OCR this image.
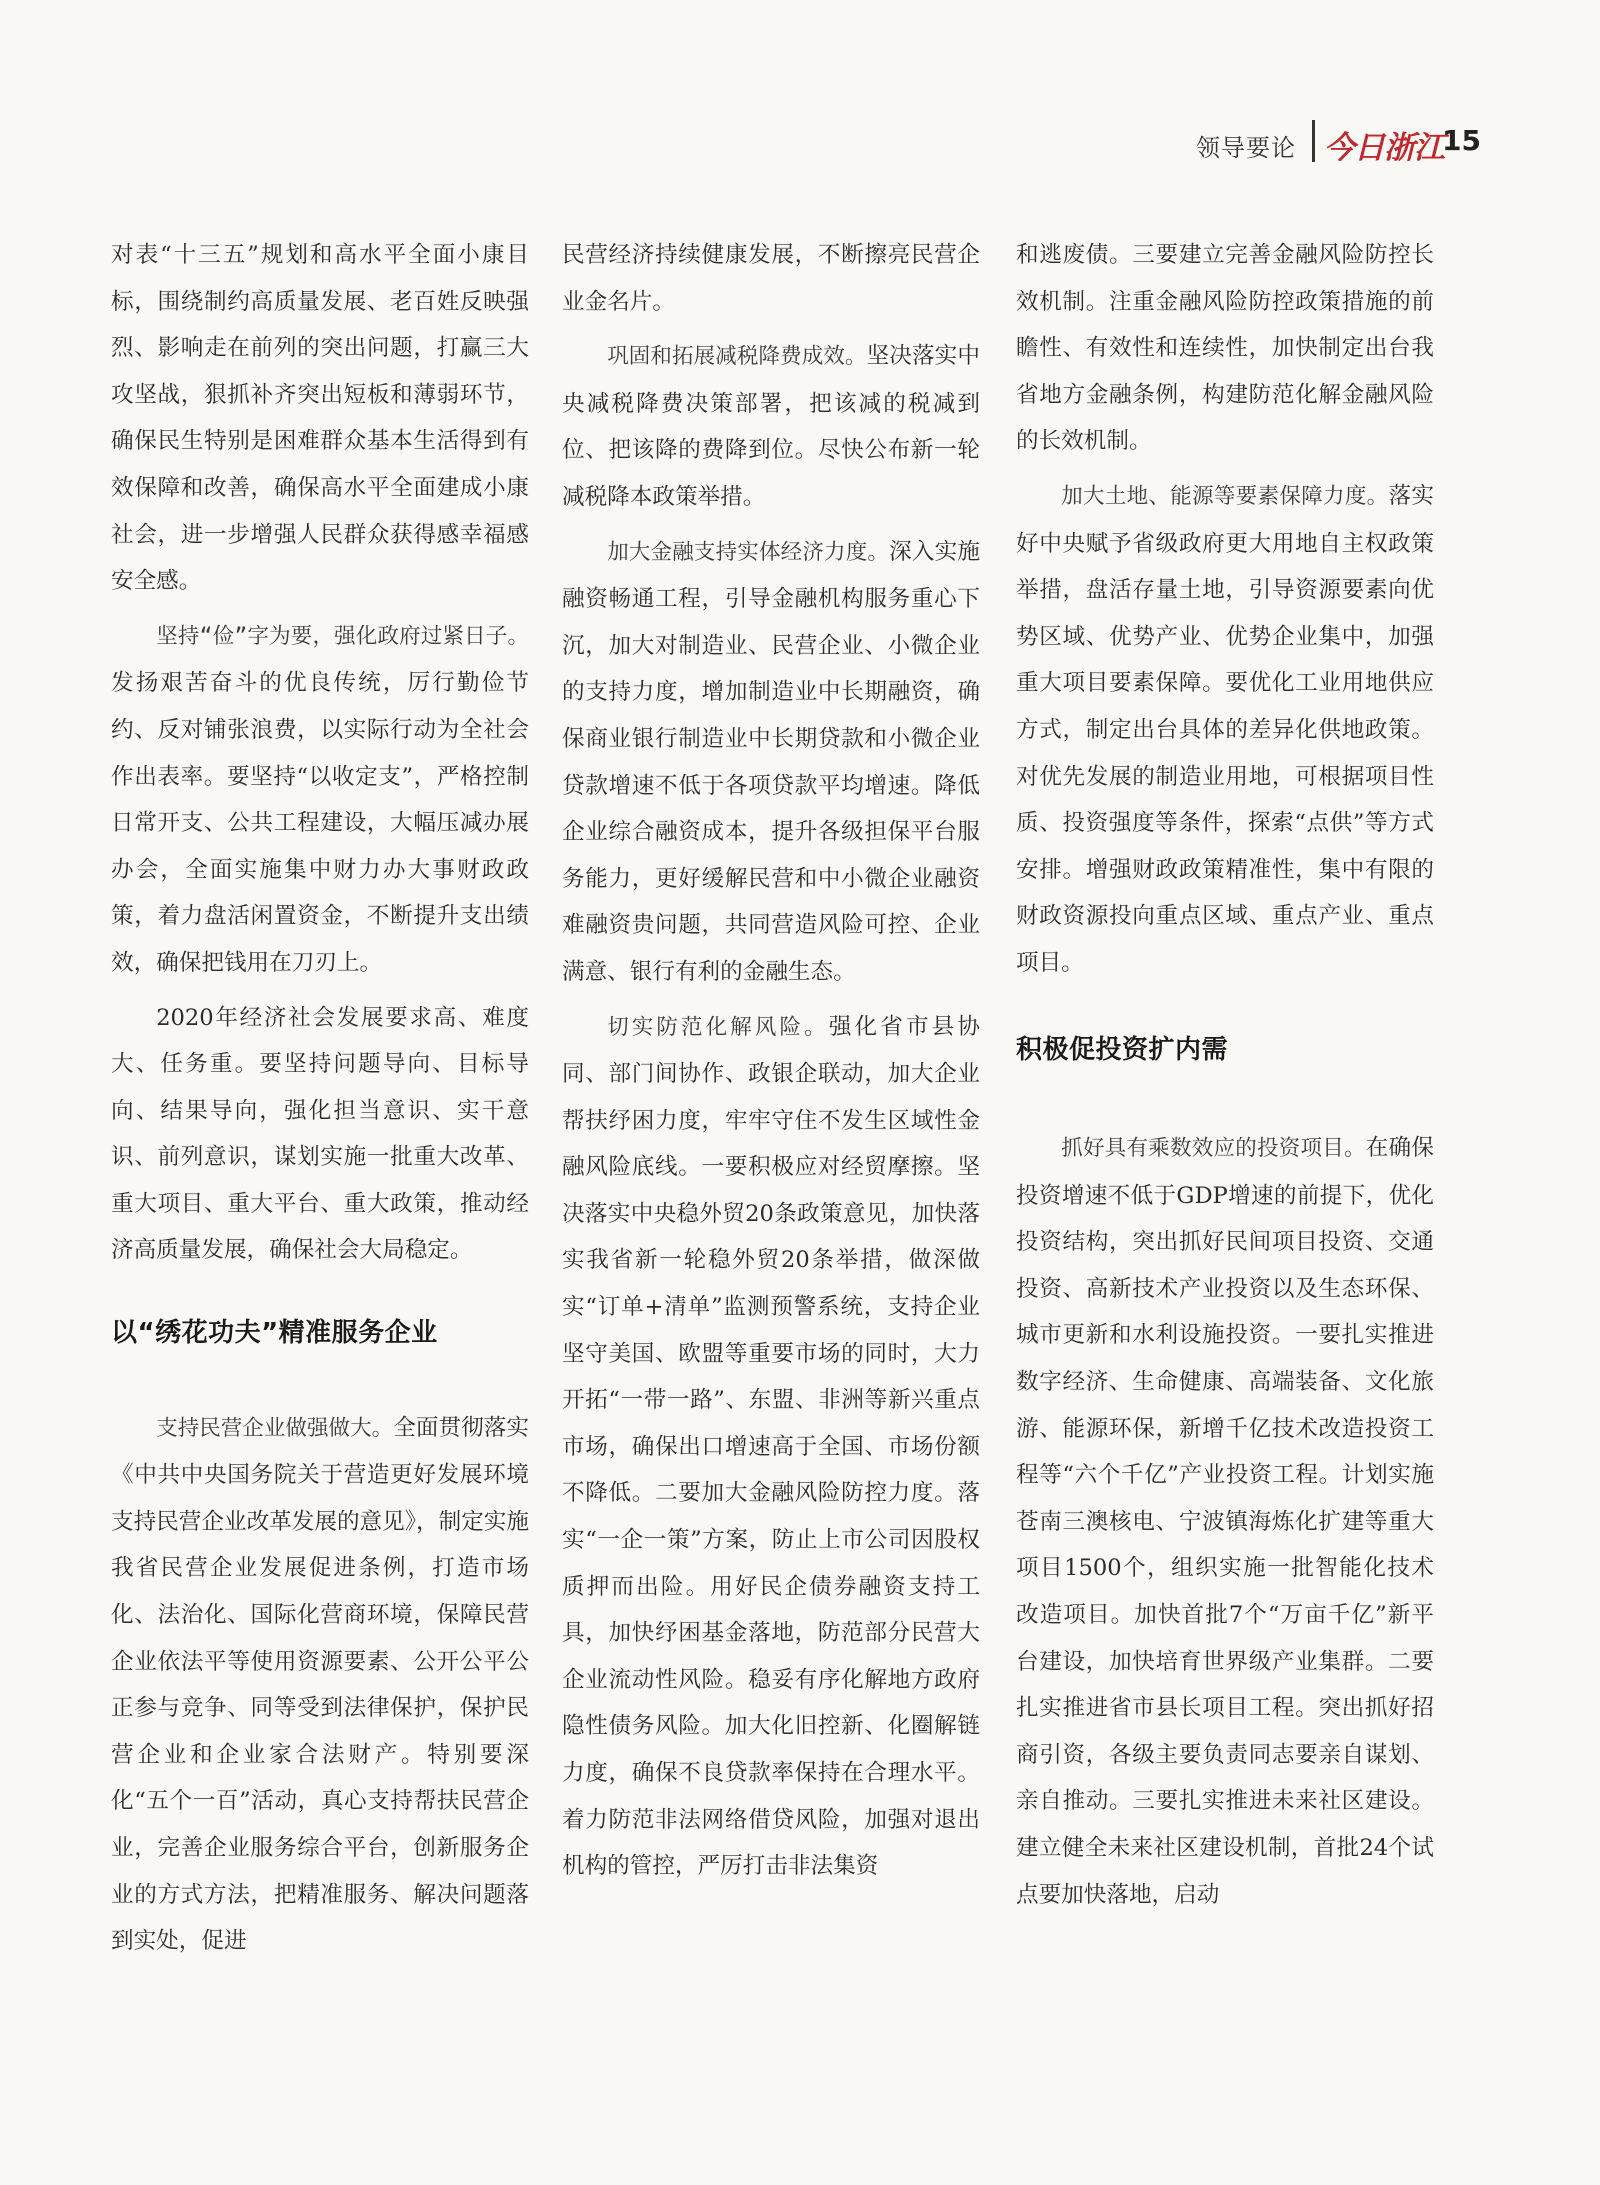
领导要论 今日浙江
15

对表“十三五”规划和高水平全面小康目标，围绕制约高质量发展、老百姓反映强烈、影响走在前列的突出问题，打赢三大攻坚战，狠抓补齐突出短板和薄弱环节，确保民生特别是困难群众基本生活得到有效保障和改善，确保高水平全面建成小康社会，进一步增强人民群众获得感幸福感安全感。

坚持“俭”字为要，强化政府过紧日子。发扬艰苦奋斗的优良传统，厉行勤俭节约、反对铺张浪费，以实际行动为全社会作出表率。要坚持“以收定支”，严格控制日常开支、公共工程建设，大幅压减办展办会，全面实施集中财力办大事财政政策，着力盘活闲置资金，不断提升支出绩效，确保把钱用在刀刃上。

2020年经济社会发展要求高、难度大、任务重。要坚持问题导向、目标导向、结果导向，强化担当意识、实干意识、前列意识，谋划实施一批重大改革、重大项目、重大平台、重大政策，推动经济高质量发展，确保社会大局稳定。

以“绣花功夫”精准服务企业

支持民营企业做强做大。全面贯彻落实《中共中央国务院关于营造更好发展环境支持民营企业改革发展的意见》，制定实施我省民营企业发展促进条例，打造市场化、法治化、国际化营商环境，保障民营企业依法平等使用资源要素、公开公平公正参与竞争、同等受到法律保护，保护民营企业和企业家合法财产。特别要深化“五个一百”活动，真心支持帮扶民营企业，完善企业服务综合平台，创新服务企业的方式方法，把精准服务、解决问题落到实处，促进

民营经济持续健康发展，不断擦亮民营企业金名片。

巩固和拓展减税降费成效。坚决落实中央减税降费决策部署，把该减的税减到位、把该降的费降到位。尽快公布新一轮减税降本政策举措。

加大金融支持实体经济力度。深入实施融资畅通工程，引导金融机构服务重心下沉，加大对制造业、民营企业、小微企业的支持力度，增加制造业中长期融资，确保商业银行制造业中长期贷款和小微企业贷款增速不低于各项贷款平均增速。降低企业综合融资成本，提升各级担保平台服务能力，更好缓解民营和中小微企业融资难融资贵问题，共同营造风险可控、企业满意、银行有利的金融生态。

切实防范化解风险。强化省市县协同、部门间协作、政银企联动，加大企业帮扶纾困力度，牢牢守住不发生区域性金融风险底线。一要积极应对经贸摩擦。坚决落实中央稳外贸20条政策意见，加快落实我省新一轮稳外贸20条举措，做深做实“订单+清单”监测预警系统，支持企业坚守美国、欧盟等重要市场的同时，大力开拓“一带一路”、东盟、非洲等新兴重点市场，确保出口增速高于全国、市场份额不降低。二要加大金融风险防控力度。落实“一企一策”方案，防止上市公司因股权质押而出险。用好民企债券融资支持工具，加快纾困基金落地，防范部分民营大企业流动性风险。稳妥有序化解地方政府隐性债务风险。加大化旧控新、化圈解链力度，确保不良贷款率保持在合理水平。着力防范非法网络借贷风险，加强对退出机构的管控，严厉打击非法集资

和逃废债。三要建立完善金融风险防控长效机制。注重金融风险防控政策措施的前瞻性、有效性和连续性，加快制定出台我省地方金融条例，构建防范化解金融风险的长效机制。

加大土地、能源等要素保障力度。落实好中央赋予省级政府更大用地自主权政策举措，盘活存量土地，引导资源要素向优势区域、优势产业、优势企业集中，加强重大项目要素保障。要优化工业用地供应方式，制定出台具体的差异化供地政策。对优先发展的制造业用地，可根据项目性质、投资强度等条件，探索“点供”等方式安排。增强财政政策精准性，集中有限的财政资源投向重点区域、重点产业、重点项目。

积极促投资扩内需

抓好具有乘数效应的投资项目。在确保投资增速不低于GDP增速的前提下，优化投资结构，突出抓好民间项目投资、交通投资、高新技术产业投资以及生态环保、城市更新和水利设施投资。一要扎实推进数字经济、生命健康、高端装备、文化旅游、能源环保，新增千亿技术改造投资工程等“六个千亿”产业投资工程。计划实施苍南三澳核电、宁波镇海炼化扩建等重大项目1500个，组织实施一批智能化技术改造项目。加快首批7个“万亩千亿”新平台建设，加快培育世界级产业集群。二要扎实推进省市县长项目工程。突出抓好招商引资，各级主要负责同志要亲自谋划、亲自推动。三要扎实推进未来社区建设。建立健全未来社区建设机制，首批24个试点要加快落地，启动
